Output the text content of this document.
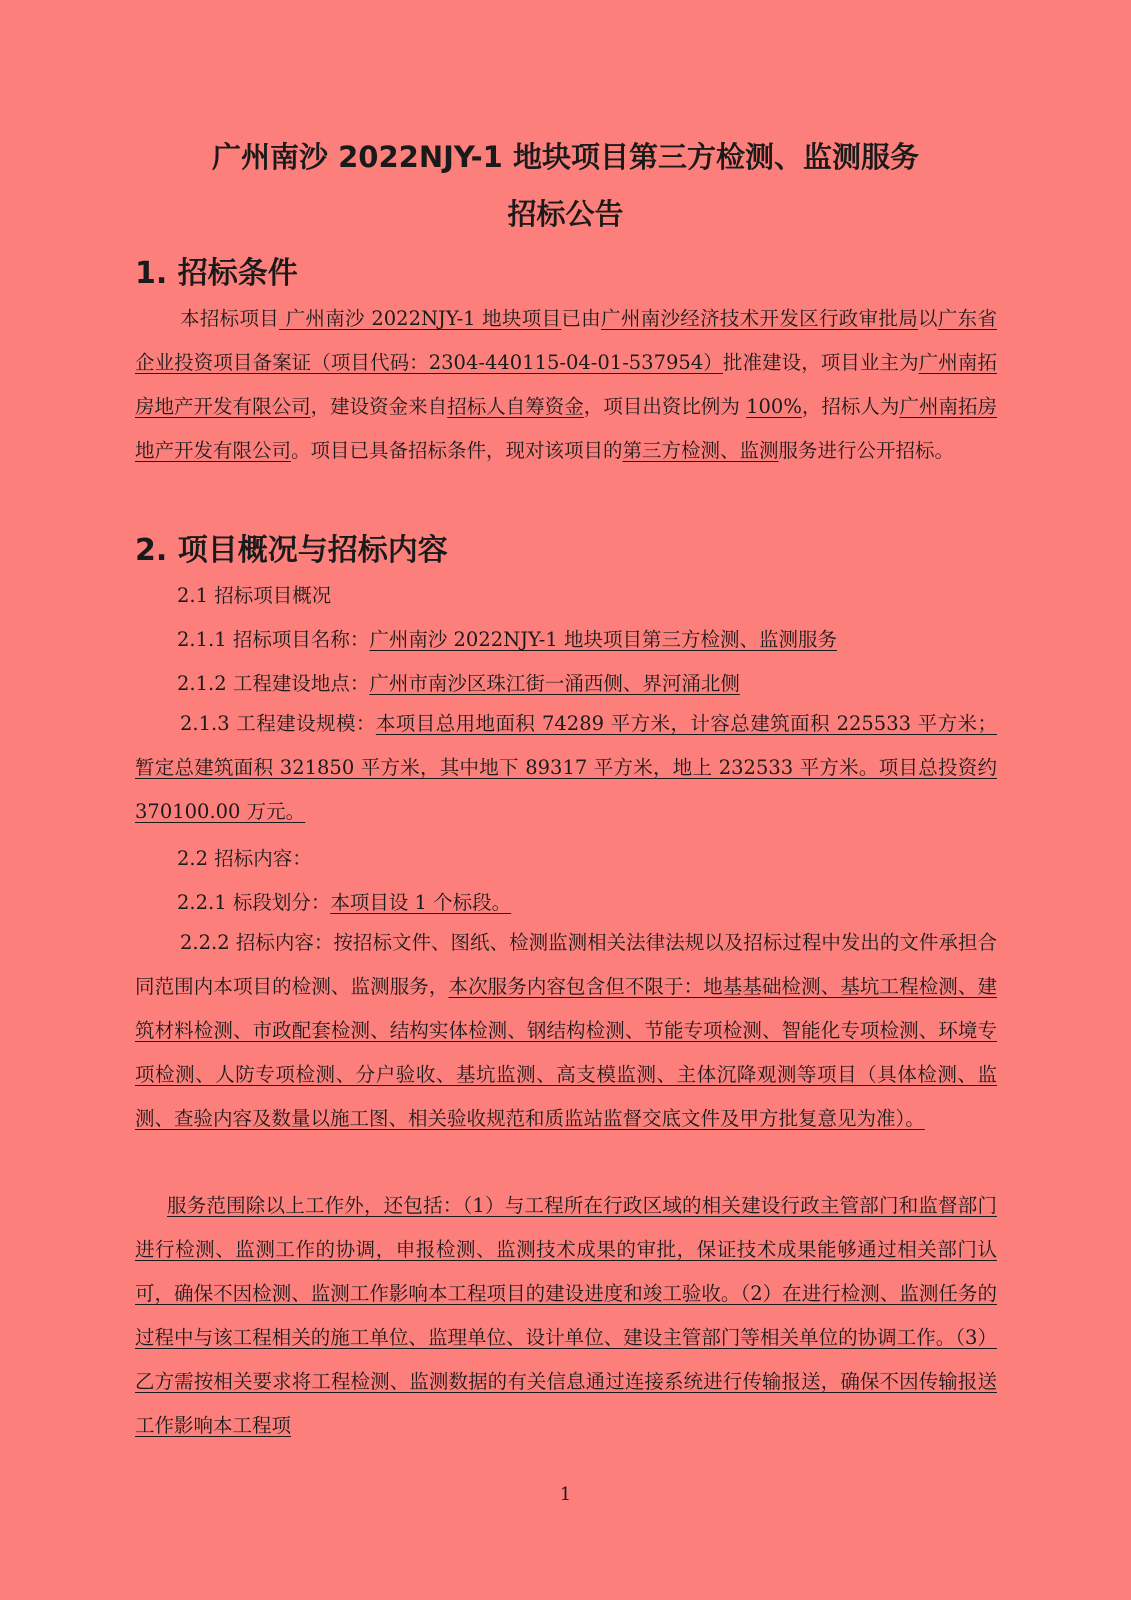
广州南沙 2022NJY-1 地块项目第三方检测、监测服务
招标公告
1. 招标条件

本招标项目 广州南沙 2022NJY-1 地块项目已由广州南沙经济技术开发区行政审批局以广东省企业投资项目备案证（项目代码：2304-440115-04-01-537954）批准建设，项目业主为广州南拓房地产开发有限公司，建设资金来自招标人自筹资金，项目出资比例为 100%，招标人为广州南拓房地产开发有限公司。项目已具备招标条件，现对该项目的第三方检测、监测服务进行公开招标。

2. 项目概况与招标内容
2.1 招标项目概况
2.1.1 招标项目名称：广州南沙 2022NJY-1 地块项目第三方检测、监测服务
2.1.2 工程建设地点：广州市南沙区珠江街一涌西侧、界河涌北侧

2.1.3 工程建设规模：本项目总用地面积 74289 平方米，计容总建筑面积 225533 平方米；暂定总建筑面积 321850 平方米，其中地下 89317 平方米，地上 232533 平方米。项目总投资约 370100.00 万元。

2.2 招标内容：
2.2.1 标段划分：本项目设 1 个标段。

2.2.2 招标内容：按招标文件、图纸、检测监测相关法律法规以及招标过程中发出的文件承担合同范围内本项目的检测、监测服务，本次服务内容包含但不限于：地基基础检测、基坑工程检测、建筑材料检测、市政配套检测、结构实体检测、钢结构检测、节能专项检测、智能化专项检测、环境专项检测、人防专项检测、分户验收、基坑监测、高支模监测、主体沉降观测等项目（具体检测、监测、查验内容及数量以施工图、相关验收规范和质监站监督交底文件及甲方批复意见为准）。

服务范围除以上工作外，还包括：（1）与工程所在行政区域的相关建设行政主管部门和监督部门进行检测、监测工作的协调，申报检测、监测技术成果的审批，保证技术成果能够通过相关部门认可，确保不因检测、监测工作影响本工程项目的建设进度和竣工验收。（2）在进行检测、监测任务的过程中与该工程相关的施工单位、监理单位、设计单位、建设主管部门等相关单位的协调工作。（3）乙方需按相关要求将工程检测、监测数据的有关信息通过连接系统进行传输报送，确保不因传输报送工作影响本工程项

1
